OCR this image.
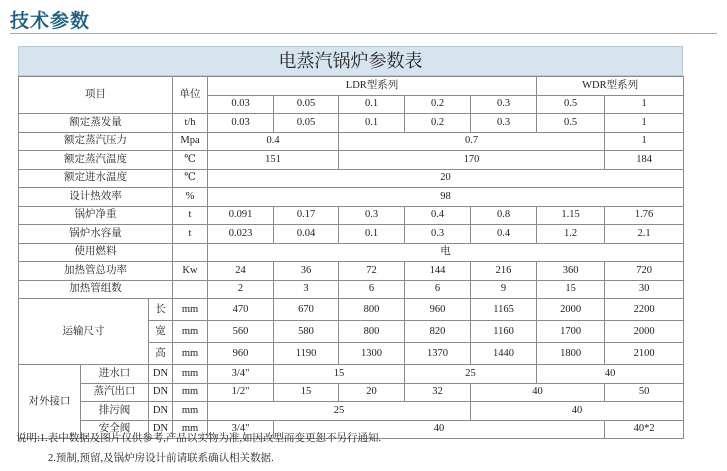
技术参数
电蒸汽锅炉参数表
项目			单位	LDR型系列					WDR型系列	
				0.03	0.05	0.1	0.2	0.3	0.5	1
额定蒸发量			t/h	0.03	0.05	0.1	0.2	0.3	0.5	1
额定蒸汽压力			Mpa	0.4		0.7				1
额定蒸汽温度			℃	151		170				184
额定进水温度			℃	20						
设计热效率			%	98						
锅炉净重			t	0.091	0.17	0.3	0.4	0.8	1.15	1.76
锅炉水容量			t	0.023	0.04	0.1	0.3	0.4	1.2	2.1
使用燃料				电						
加热管总功率			Kw	24	36	72	144	216	360	720
加热管组数				2	3	6	6	9	15	30
运输尺寸		长	mm	470	670	800	960	1165	2000	2200
		宽	mm	560	580	800	820	1160	1700	2000
		高	mm	960	1190	1300	1370	1440	1800	2100
对外接口	进水口	DN	mm	3/4"	15		25		40	
	蒸汽出口	DN	mm	1/2"	15	20	32	40		50
	排污阀	DN	mm	25				40		
	安全阀	DN	mm	3/4"	40					40*2
说明:1.表中数据及图片仅供参考,产品以实物为准,如因改型而变更恕不另行通知.
2.预制,预留,及锅炉房设计前请联系确认相关数据.
